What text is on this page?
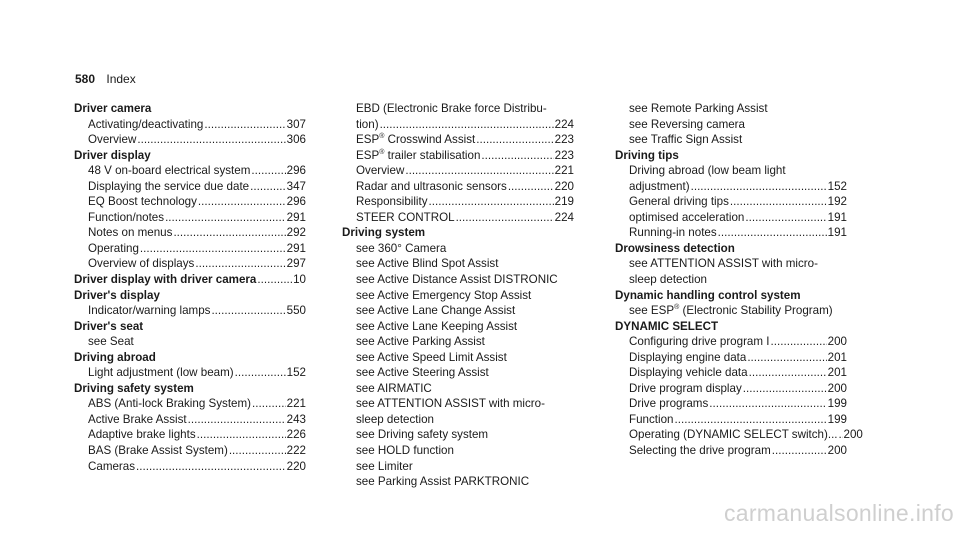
580 Index
Driver camera
Activating/deactivating . . .	307
Overview . . .	306
Driver display
48 V on-board electrical system . . .	296
Displaying the service due date . . .	347
EQ Boost technology . . .	296
Function/notes . . .	291
Notes on menus . . .	292
Operating . . .	291
Overview of displays . . .	297
Driver display with driver camera . . .	10
Driver's display
Indicator/warning lamps . . .	550
Driver's seat
see Seat
Driving abroad
Light adjustment (low beam) . . .	152
Driving safety system
ABS (Anti-lock Braking System) . . .	221
Active Brake Assist . . .	243
Adaptive brake lights . . .	226
BAS (Brake Assist System) . . .	222
Cameras . . .	220
EBD (Electronic Brake force Distribu-
tion) . . .	224
ESP® Crosswind Assist . . .	223
ESP® trailer stabilisation . . .	223
Overview . . .	221
Radar and ultrasonic sensors . . .	220
Responsibility . . .	219
STEER CONTROL . . .	224
Driving system
see 360° Camera
see Active Blind Spot Assist
see Active Distance Assist DISTRONIC
see Active Emergency Stop Assist
see Active Lane Change Assist
see Active Lane Keeping Assist
see Active Parking Assist
see Active Speed Limit Assist
see Active Steering Assist
see AIRMATIC
see ATTENTION ASSIST with micro-
sleep detection
see Driving safety system
see HOLD function
see Limiter
see Parking Assist PARKTRONIC
see Remote Parking Assist
see Reversing camera
see Traffic Sign Assist
Driving tips
Driving abroad (low beam light
adjustment) . . .	152
General driving tips . . .	192
optimised acceleration . . .	191
Running-in notes . . .	191
Drowsiness detection
see ATTENTION ASSIST with micro-
sleep detection
Dynamic handling control system
see ESP® (Electronic Stability Program)
DYNAMIC SELECT
Configuring drive program I . . .	200
Displaying engine data . . .	201
Displaying vehicle data . . .	201
Drive program display . . .	200
Drive programs . . .	199
Function . . .	199
Operating (DYNAMIC SELECT switch)... . . . 200
Selecting the drive program . . .	200
carmanualsonline.info
